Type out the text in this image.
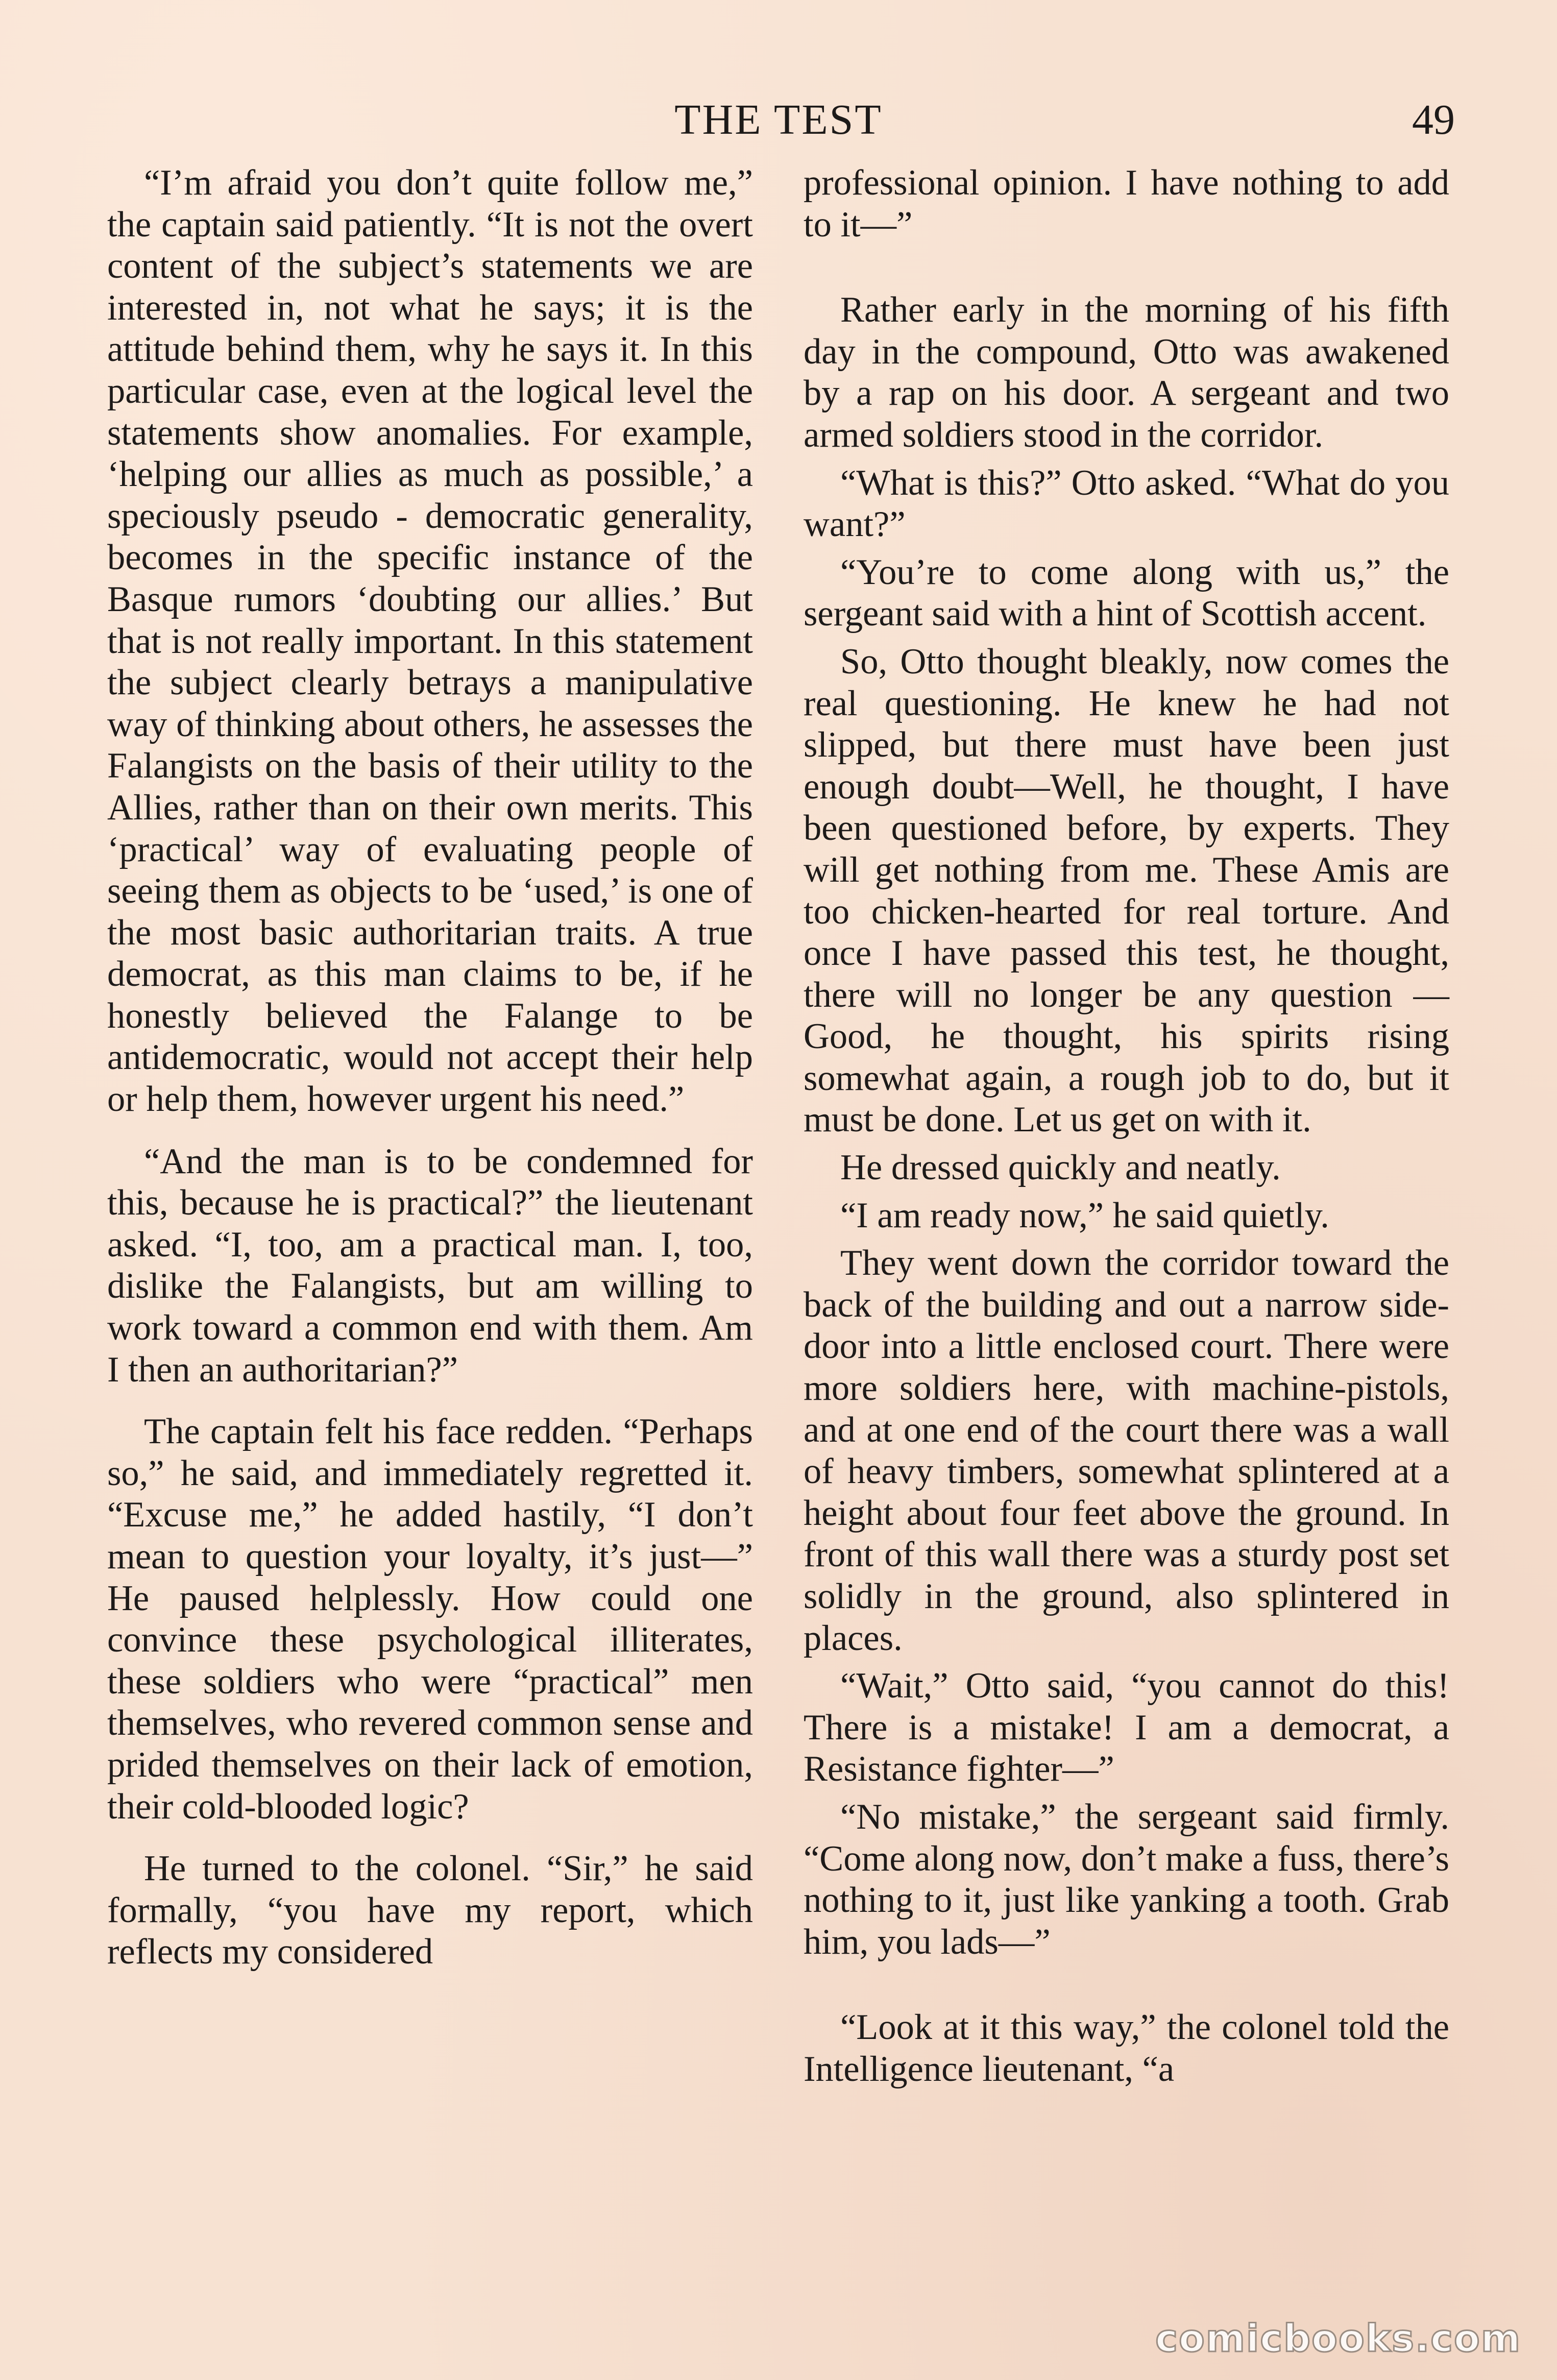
THE TEST	49

“I’m afraid you don’t quite follow me,” the captain said patiently. “It is not the overt content of the subject’s statements we are interested in, not what he says; it is the attitude behind them, why he says it. In this particular case, even at the logical level the statements show anomalies. For example, ‘helping our allies as much as possible,’ a speciously pseudo - democratic generality, becomes in the specific instance of the Basque rumors ‘doubting our allies.’ But that is not really important. In this statement the subject clearly betrays a manipulative way of thinking about others, he assesses the Falangists on the basis of their utility to the Allies, rather than on their own merits. This ‘practical’ way of evaluating people of seeing them as objects to be ‘used,’ is one of the most basic authoritarian traits. A true democrat, as this man claims to be, if he honestly believed the Falange to be antidemocratic, would not accept their help or help them, however urgent his need.”

“And the man is to be condemned for this, because he is practical?” the lieutenant asked. “I, too, am a practical man. I, too, dislike the Falangists, but am willing to work toward a common end with them. Am I then an authoritarian?”

The captain felt his face redden. “Perhaps so,” he said, and immediately regretted it. “Excuse me,” he added hastily, “I don’t mean to question your loyalty, it’s just—” He paused helplessly. How could one convince these psychological illiterates, these soldiers who were “practical” men themselves, who revered common sense and prided themselves on their lack of emotion, their cold-blooded logic?

He turned to the colonel. “Sir,” he said formally, “you have my report, which reflects my considered

professional opinion. I have nothing to add to it—”

Rather early in the morning of his fifth day in the compound, Otto was awakened by a rap on his door. A sergeant and two armed soldiers stood in the corridor.

“What is this?” Otto asked. “What do you want?”

“You’re to come along with us,” the sergeant said with a hint of Scottish accent.

So, Otto thought bleakly, now comes the real questioning. He knew he had not slipped, but there must have been just enough doubt—Well, he thought, I have been questioned before, by experts. They will get nothing from me. These Amis are too chicken-hearted for real torture. And once I have passed this test, he thought, there will no longer be any question — Good, he thought, his spirits rising somewhat again, a rough job to do, but it must be done. Let us get on with it.

He dressed quickly and neatly.

“I am ready now,” he said quietly.

They went down the corridor toward the back of the building and out a narrow side-door into a little enclosed court. There were more soldiers here, with machine-pistols, and at one end of the court there was a wall of heavy timbers, somewhat splintered at a height about four feet above the ground. In front of this wall there was a sturdy post set solidly in the ground, also splintered in places.

“Wait,” Otto said, “you cannot do this! There is a mistake! I am a democrat, a Resistance fighter—”

“No mistake,” the sergeant said firmly. “Come along now, don’t make a fuss, there’s nothing to it, just like yanking a tooth. Grab him, you lads—”

“Look at it this way,” the colonel told the Intelligence lieutenant, “a

comicbooks.com
